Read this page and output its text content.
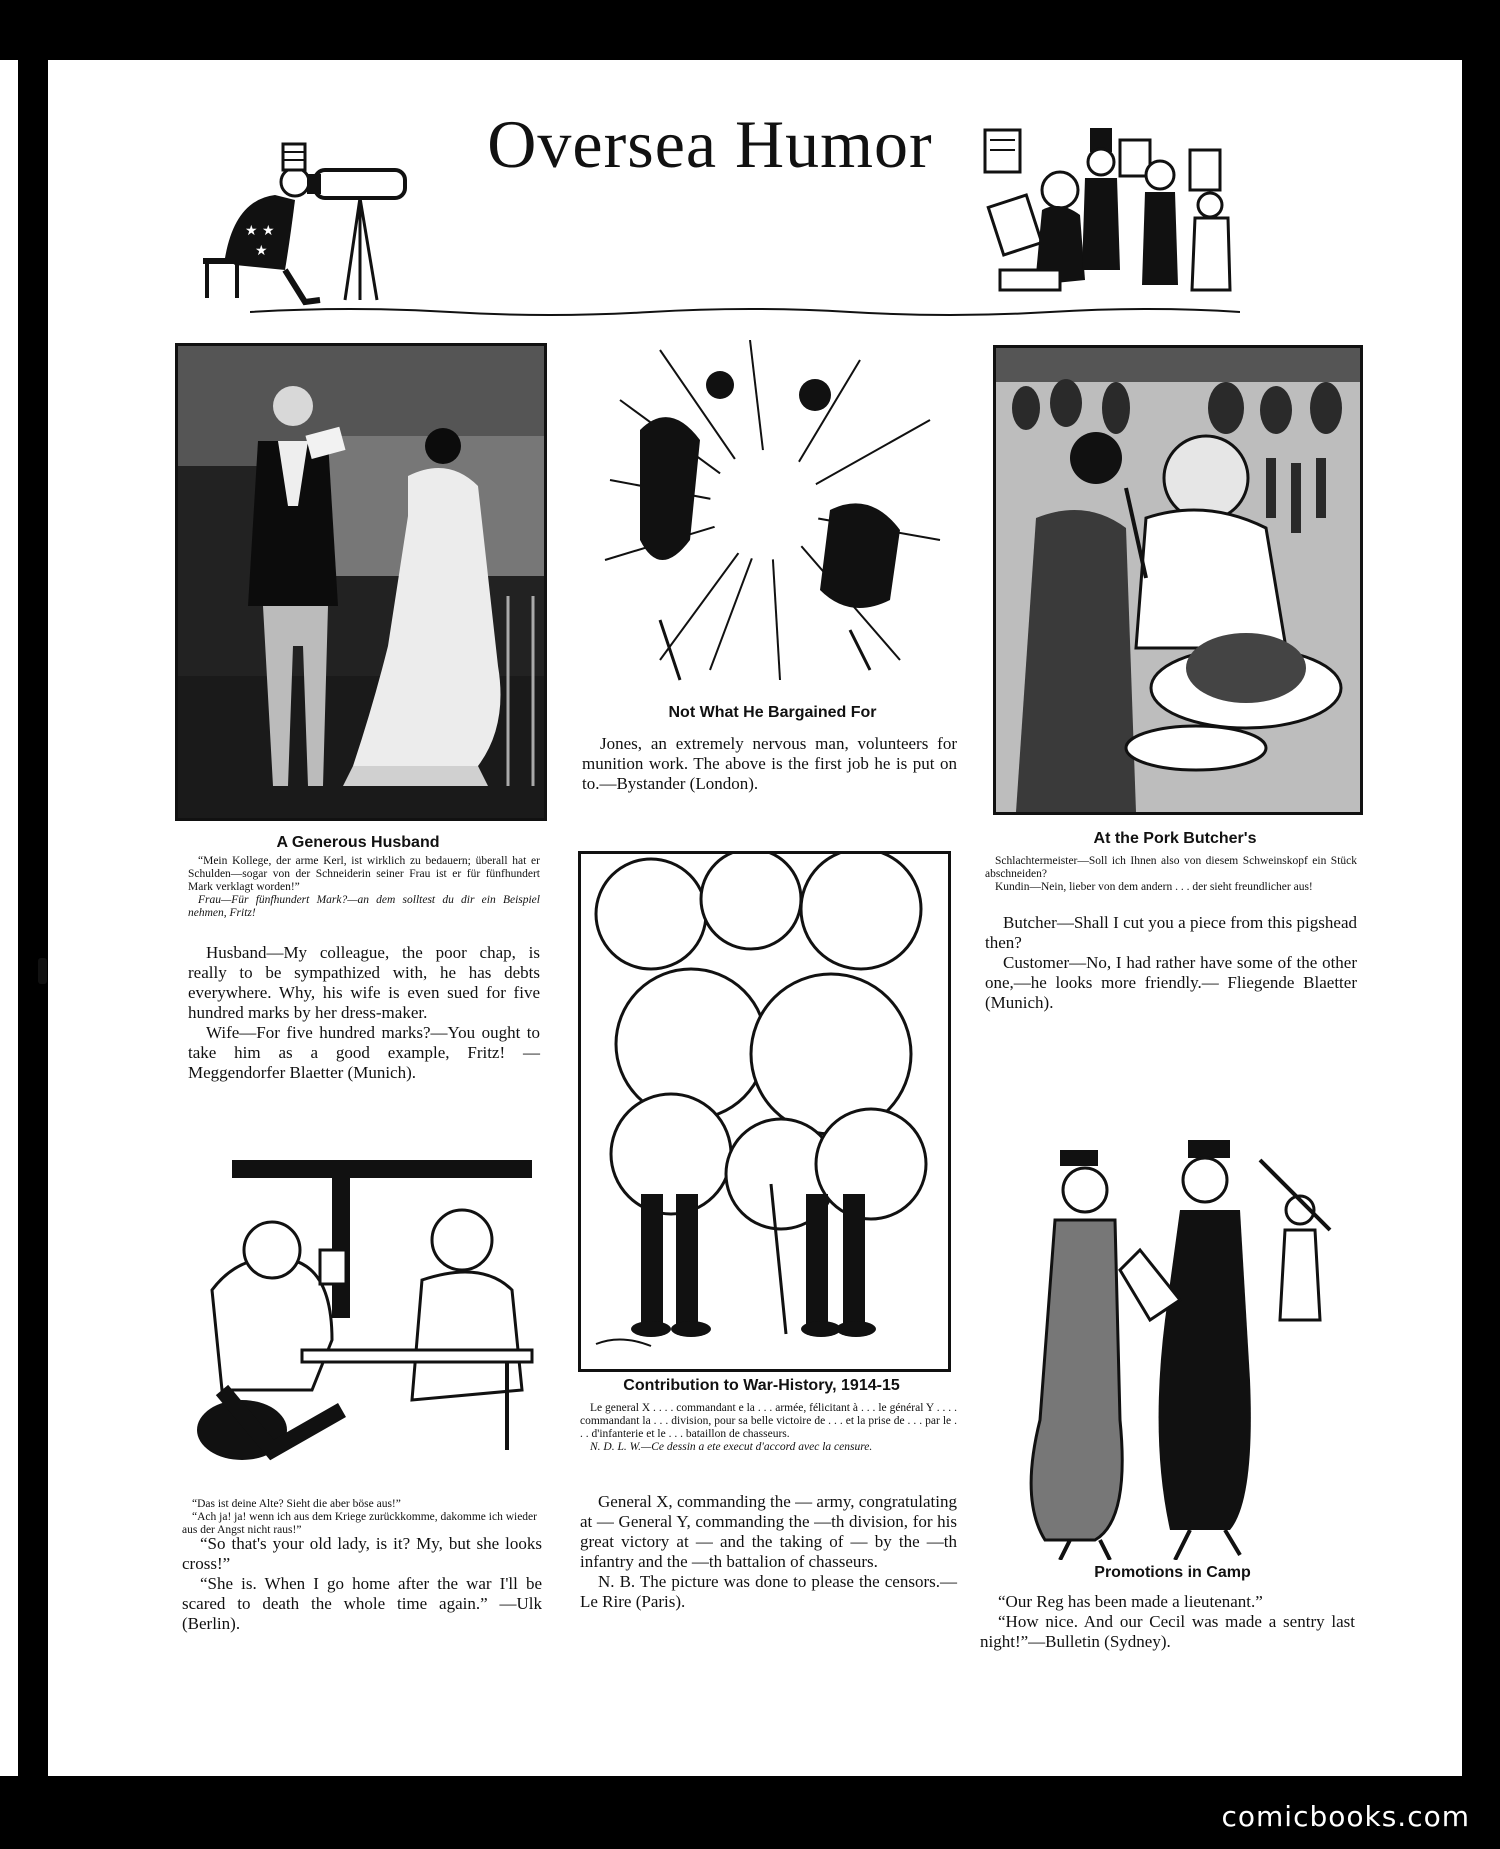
★ ★
★
Oversea Humor
A Generous Husband

“Mein Kollege, der arme Kerl, ist wirklich zu bedauern; überall hat er Schulden—sogar von der Schneiderin seiner Frau ist er für fünfhundert Mark verklagt worden!”

Frau—Für fünfhundert Mark?—an dem solltest du dir ein Beispiel nehmen, Fritz!

Husband—My colleague, the poor chap, is really to be sympathized with, he has debts everywhere. Why, his wife is even sued for five hundred marks by her dress-maker.

Wife—For five hundred marks?—You ought to take him as a good example, Fritz! —Meggendorfer Blaetter (Munich).

Not What He Bargained For

Jones, an extremely nervous man, volunteers for munition work. The above is the first job he is put on to.—Bystander (London).

At the Pork Butcher's

Schlachtermeister—Soll ich Ihnen also von diesem Schweinskopf ein Stück abschneiden?

Kundin—Nein, lieber von dem andern . . . der sieht freundlicher aus!

Butcher—Shall I cut you a piece from this pigshead then?

Customer—No, I had rather have some of the other one,—he looks more friendly.— Fliegende Blaetter (Munich).

Contribution to War-History, 1914-15

Le general X . . . . commandant e la . . . armée, félicitant à . . . le général Y . . . . commandant la . . . division, pour sa belle victoire de . . . et la prise de . . . par le . . . d'infanterie et le . . . bataillon de chasseurs.

N. D. L. W.—Ce dessin a ete execut d'accord avec la censure.

General X, commanding the — army, congratulating at — General Y, commanding the —th division, for his great victory at — and the taking of — by the —th infantry and the —th battalion of chasseurs.

N. B. The picture was done to please the censors.—Le Rire (Paris).

“Das ist deine Alte? Sieht die aber böse aus!”

“Ach ja! ja! wenn ich aus dem Kriege zurückkomme, dakomme ich wieder aus der Angst nicht raus!”

“So that's your old lady, is it? My, but she looks cross!”

“She is. When I go home after the war I'll be scared to death the whole time again.” —Ulk (Berlin).

Promotions in Camp

“Our Reg has been made a lieutenant.”

“How nice. And our Cecil was made a sentry last night!”—Bulletin (Sydney).

comicbooks.com
